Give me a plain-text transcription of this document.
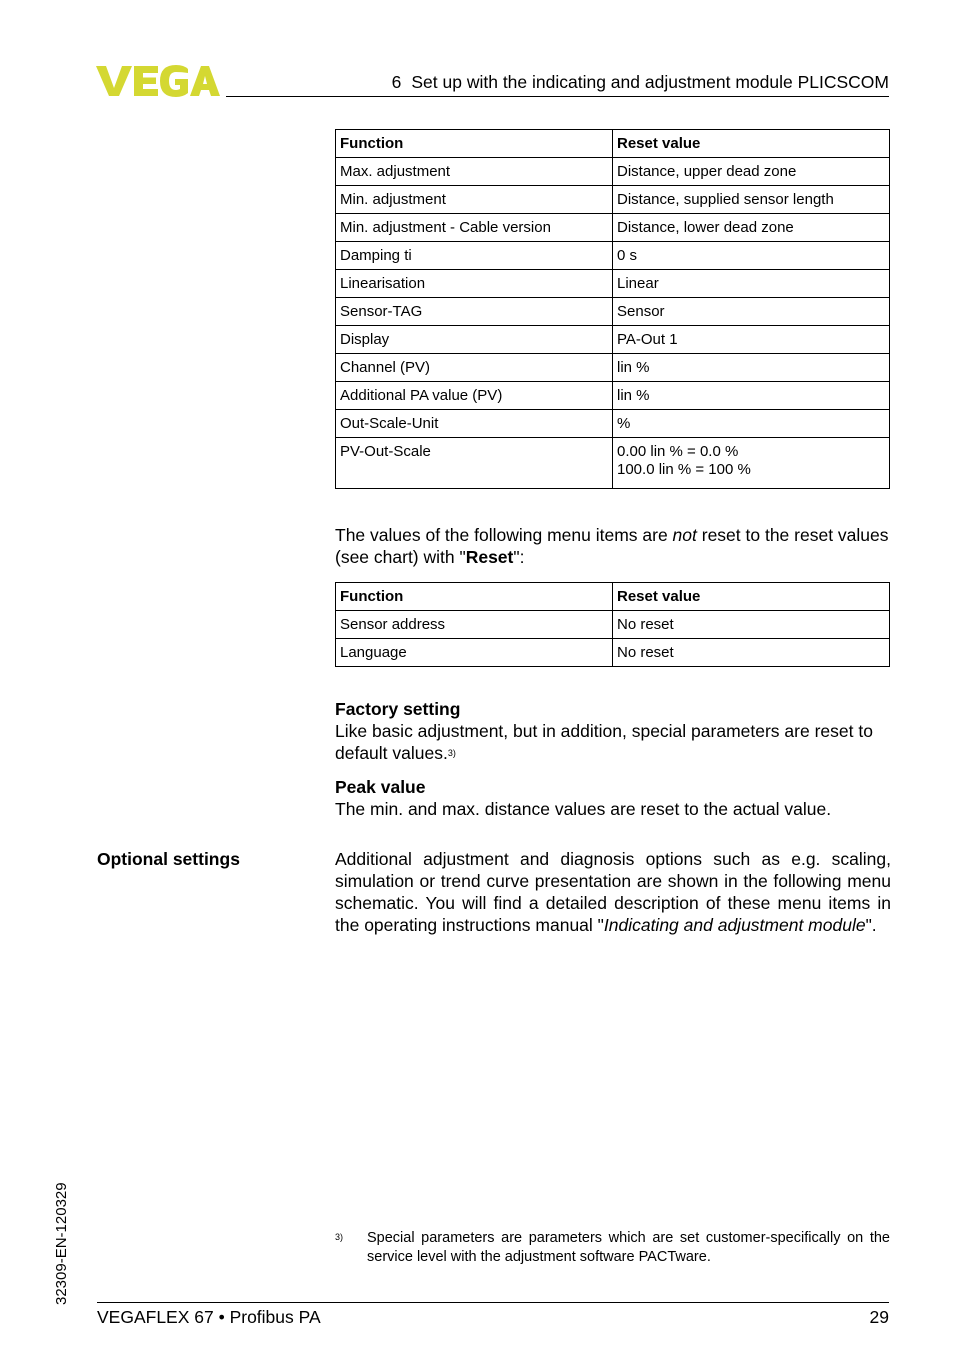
6 Set up with the indicating and adjustment module PLICSCOM
Function	Reset value
Max. adjustment	Distance, upper dead zone
Min. adjustment	Distance, supplied sensor length
Min. adjustment - Cable version	Distance, lower dead zone
Damping ti	0 s
Linearisation	Linear
Sensor-TAG	Sensor
Display	PA-Out 1
Channel (PV)	lin %
Additional PA value (PV)	lin %
Out-Scale-Unit	%
PV-Out-Scale	0.00 lin % = 0.0 %
100.0 lin % = 100 %
The values of the following menu items are not reset to the reset values (see chart) with "Reset":
Function	Reset value
Sensor address	No reset
Language	No reset
Factory setting
Like basic adjustment, but in addition, special parameters are reset to default values.$^{3)}$
Peak value
The min. and max. distance values are reset to the actual value.
Optional settings	Additional adjustment and diagnosis options such as e.g. scaling, simulation or trend curve presentation are shown in the following menu schematic. You will find a detailed description of these menu items in the operating instructions manual "Indicating and adjustment module".
32309-EN-120329	3) Special parameters are parameters which are set customer-specifically on the service level with the adjustment software PACTware.
VEGAFLEX 67 • Profibus PA	29
